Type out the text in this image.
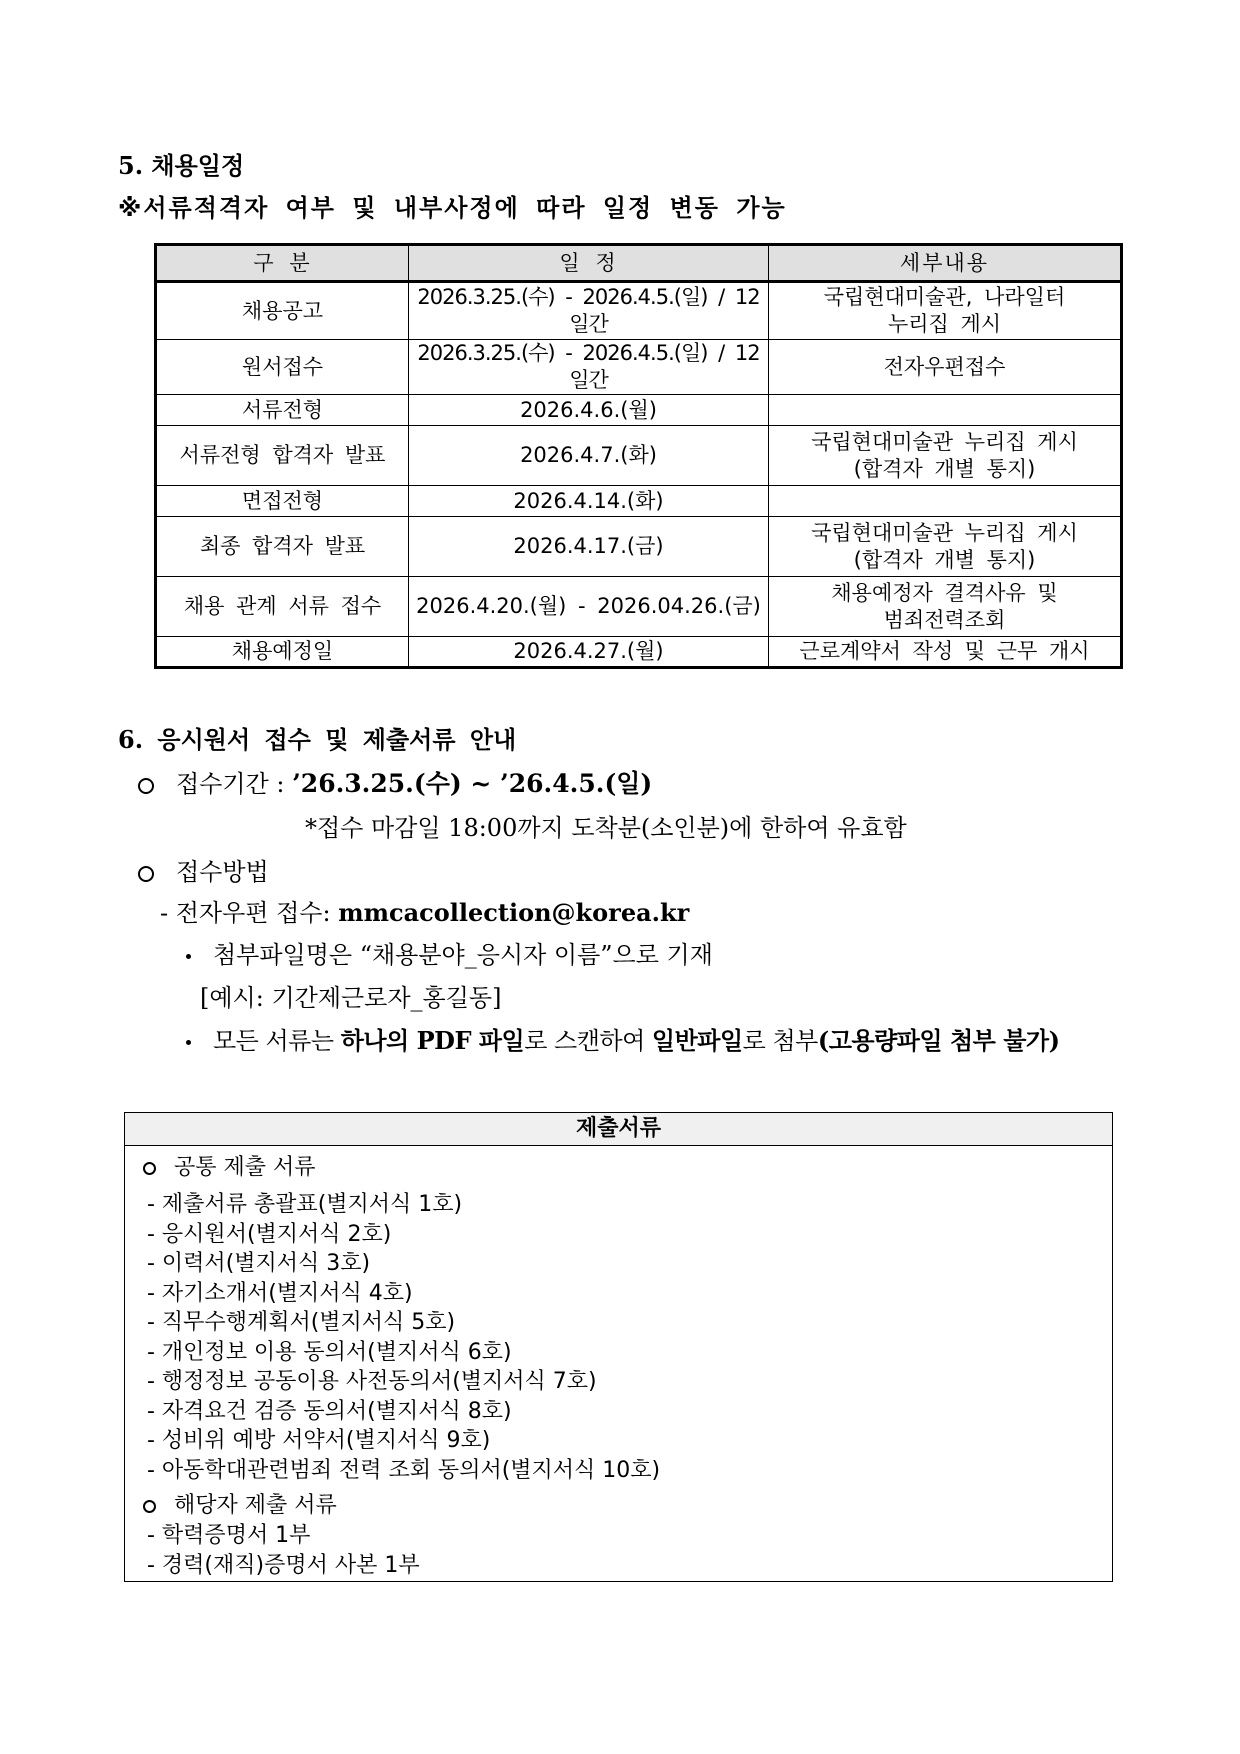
5. 채용일정
※서류적격자 여부 및 내부사정에 따라 일정 변동 가능
구 분	일 정	세부내용
채용공고	2026.3.25.(수) - 2026.4.5.(일) / 12일간	국립현대미술관, 나라일터
누리집 게시
원서접수	2026.3.25.(수) - 2026.4.5.(일) / 12일간	전자우편접수
서류전형	2026.4.6.(월)	
서류전형 합격자 발표	2026.4.7.(화)	국립현대미술관 누리집 게시
(합격자 개별 통지)
면접전형	2026.4.14.(화)	
최종 합격자 발표	2026.4.17.(금)	국립현대미술관 누리집 게시
(합격자 개별 통지)
채용 관계 서류 접수	2026.4.20.(월) - 2026.04.26.(금)	채용예정자 결격사유 및
범죄전력조회
채용예정일	2026.4.27.(월)	근로계약서 작성 및 근무 개시
6. 응시원서 접수 및 제출서류 안내
접수기간 : ’26.3.25.(수) ~ ’26.4.5.(일)
*접수 마감일 18:00까지 도착분(소인분)에 한하여 유효함
접수방법
- 전자우편 접수: mmcacollection@korea.kr
첨부파일명은 “채용분야_응시자 이름”으로 기재
[예시: 기간제근로자_홍길동]
모든 서류는 하나의 PDF 파일로 스캔하여 일반파일로 첨부(고용량파일 첨부 불가)
제출서류
공통 제출 서류
- 제출서류 총괄표(별지서식 1호)
- 응시원서(별지서식 2호)
- 이력서(별지서식 3호)
- 자기소개서(별지서식 4호)
- 직무수행계획서(별지서식 5호)
- 개인정보 이용 동의서(별지서식 6호)
- 행정정보 공동이용 사전동의서(별지서식 7호)
- 자격요건 검증 동의서(별지서식 8호)
- 성비위 예방 서약서(별지서식 9호)
- 아동학대관련범죄 전력 조회 동의서(별지서식 10호)
해당자 제출 서류
- 학력증명서 1부
- 경력(재직)증명서 사본 1부
